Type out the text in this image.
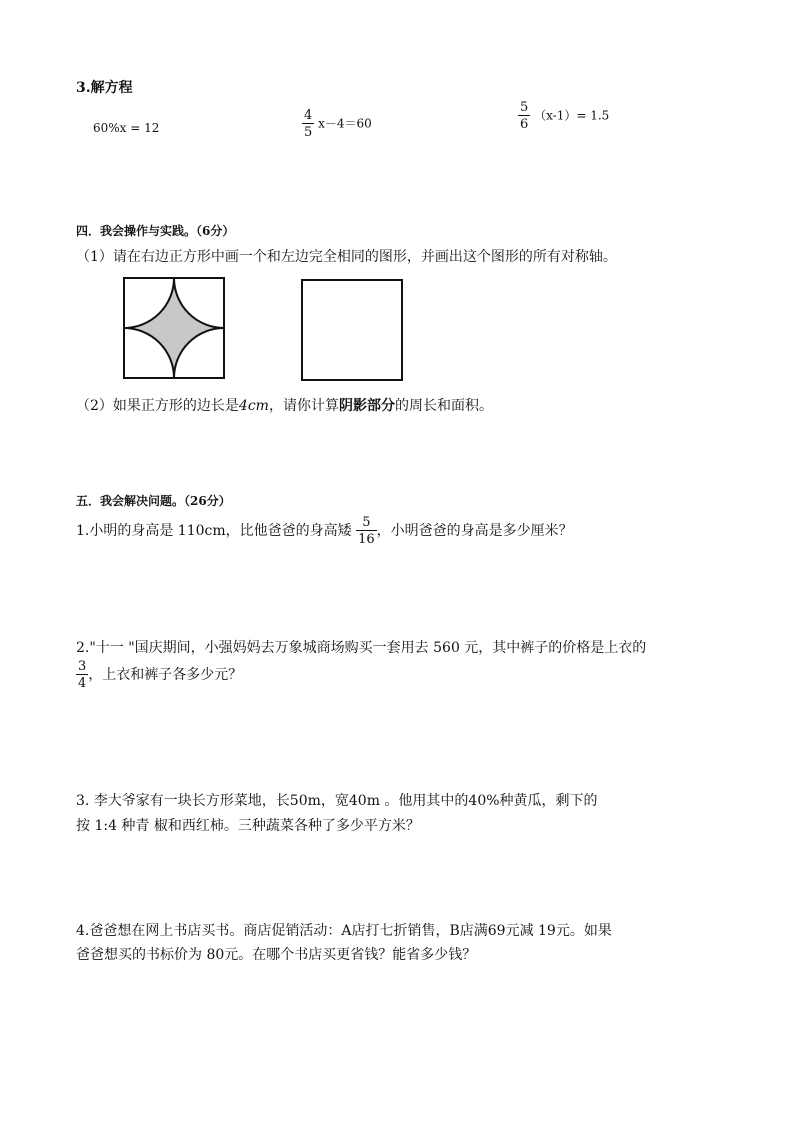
3.解方程
60%x = 12	$\frac{4}{5} x-4=60$	$\frac{5}{6} (x-1)= 1.5$
四．我会操作与实践。（6分）
（1）请在右边正方形中画一个和左边完全相同的图形，并画出这个图形的所有对称轴。
（2）如果正方形的边长是4cm，请你计算阴影部分的周长和面积。
五．我会解决问题。（26分）
1.小明的身高是 110cm，比他爸爸的身高矮 $\frac{5}{16}$ ，小明爸爸的身高是多少厘米？
2."十一 "国庆期间，小强妈妈去万象城商场购买一套用去 560 元，其中裤子的价格是上衣的
$\frac{3}{4}$ ，上衣和裤子各多少元？
3. 李大爷家有一块长方形菜地，长50m，宽40m 。他用其中的40%种黄瓜，剩下的
按 1:4 种青 椒和西红柿。三种蔬菜各种了多少平方米？
4.爸爸想在网上书店买书。商店促销活动：A店打七折销售，B店满69元减 19元。如果
爸爸想买的书标价为 80元。在哪个书店买更省钱？能省多少钱？
